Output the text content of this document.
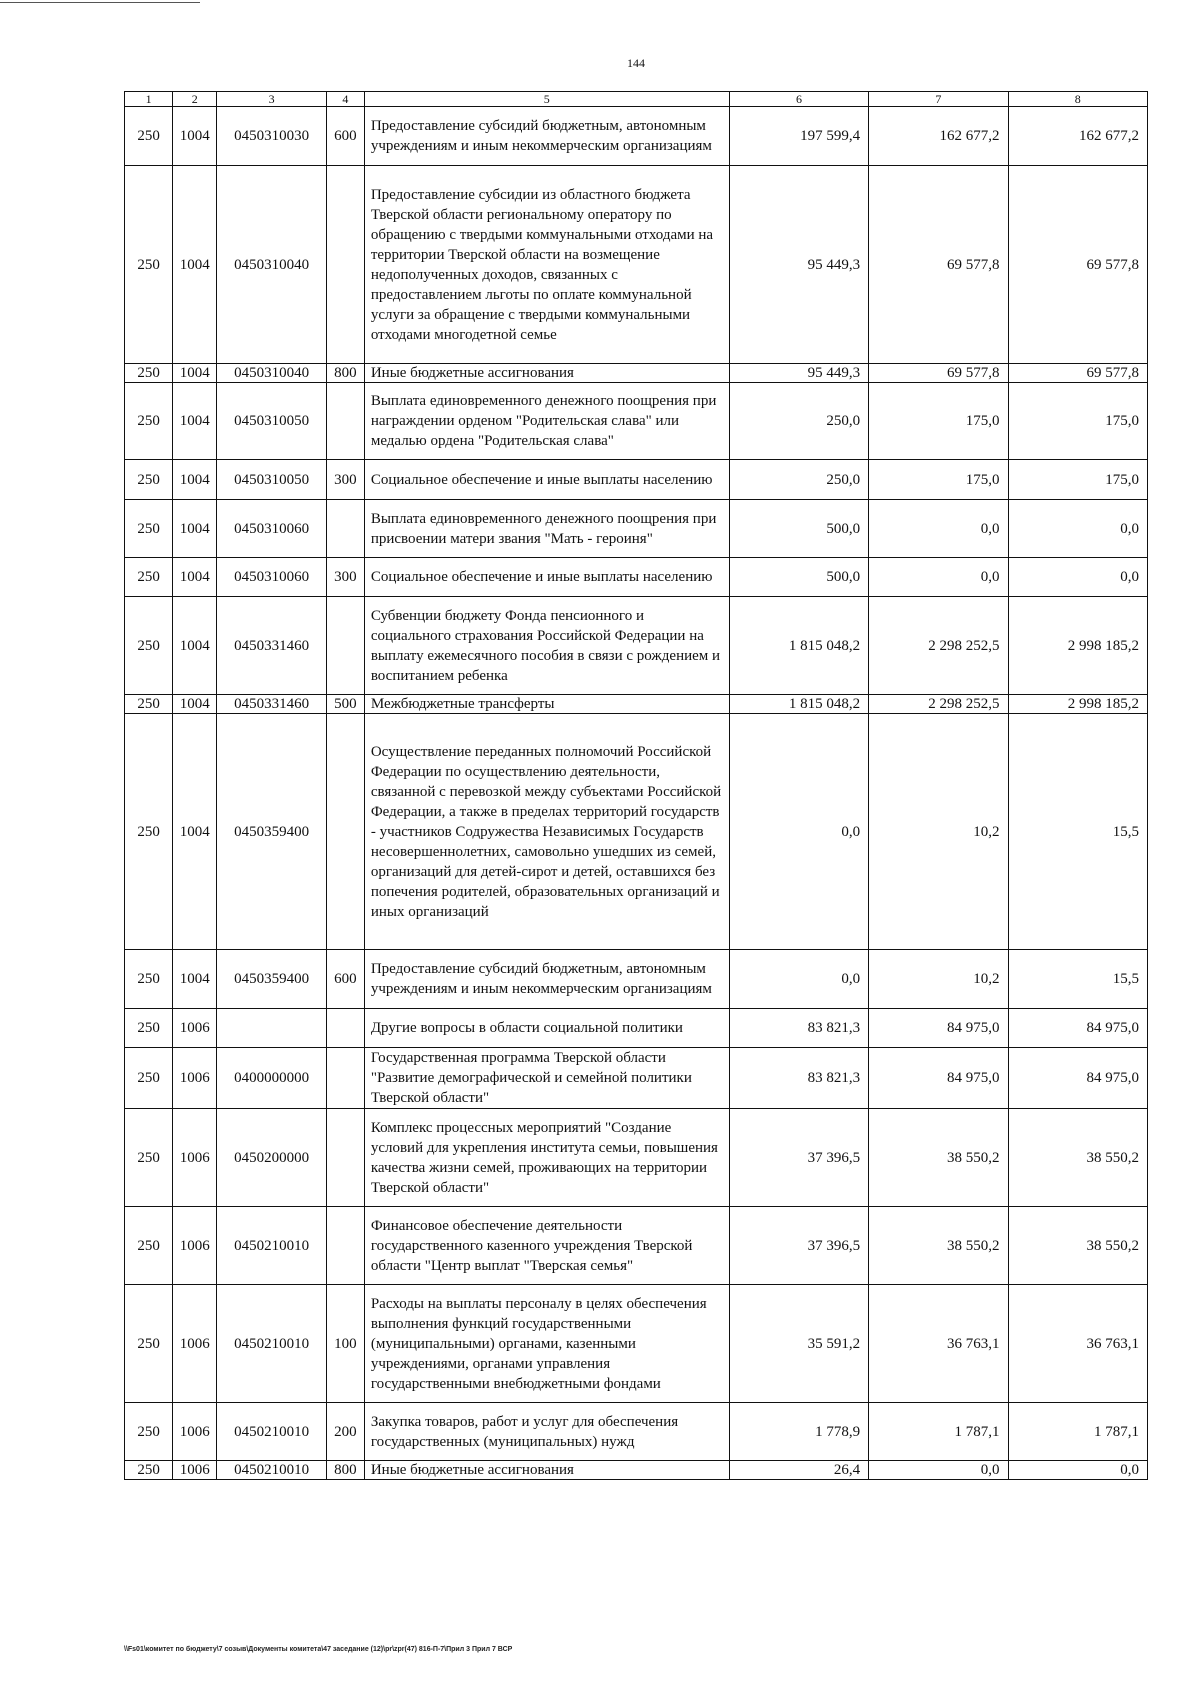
144
1	2	3	4	5	6	7	8
250	1004	0450310030	600	Предоставление субсидий бюджетным, автономным учреждениям и иным некоммерческим организациям	197 599,4	162 677,2	162 677,2
250	1004	0450310040		Предоставление субсидии из областного бюджета Тверской области региональному оператору по обращению с твердыми коммунальными отходами на территории Тверской области на возмещение недополученных доходов, связанных с предоставлением льготы по оплате коммунальной услуги за обращение с твердыми коммунальными отходами многодетной семье	95 449,3	69 577,8	69 577,8
250	1004	0450310040	800	Иные бюджетные ассигнования	95 449,3	69 577,8	69 577,8
250	1004	0450310050		Выплата единовременного денежного поощрения при награждении орденом "Родительская слава" или медалью ордена "Родительская слава"	250,0	175,0	175,0
250	1004	0450310050	300	Социальное обеспечение и иные выплаты населению	250,0	175,0	175,0
250	1004	0450310060		Выплата единовременного денежного поощрения при присвоении матери звания "Мать - героиня"	500,0	0,0	0,0
250	1004	0450310060	300	Социальное обеспечение и иные выплаты населению	500,0	0,0	0,0
250	1004	0450331460		Субвенции бюджету Фонда пенсионного и социального страхования Российской Федерации на выплату ежемесячного пособия в связи с рождением и воспитанием ребенка	1 815 048,2	2 298 252,5	2 998 185,2
250	1004	0450331460	500	Межбюджетные трансферты	1 815 048,2	2 298 252,5	2 998 185,2
250	1004	0450359400		Осуществление переданных полномочий Российской Федерации по осуществлению деятельности, связанной с перевозкой между субъектами Российской Федерации, а также в пределах территорий государств - участников Содружества Независимых Государств несовершеннолетних, самовольно ушедших из семей, организаций для детей-сирот и детей, оставшихся без попечения родителей, образовательных организаций и иных организаций	0,0	10,2	15,5
250	1004	0450359400	600	Предоставление субсидий бюджетным, автономным учреждениям и иным некоммерческим организациям	0,0	10,2	15,5
250	1006			Другие вопросы в области социальной политики	83 821,3	84 975,0	84 975,0
250	1006	0400000000		Государственная программа Тверской области "Развитие демографической и семейной политики Тверской области"	83 821,3	84 975,0	84 975,0
250	1006	0450200000		Комплекс процессных мероприятий "Создание условий для укрепления института семьи, повышения качества жизни семей, проживающих на территории Тверской области"	37 396,5	38 550,2	38 550,2
250	1006	0450210010		Финансовое обеспечение деятельности государственного казенного учреждения Тверской области "Центр выплат "Тверская семья"	37 396,5	38 550,2	38 550,2
250	1006	0450210010	100	Расходы на выплаты персоналу в целях обеспечения выполнения функций государственными (муниципальными) органами, казенными учреждениями, органами управления государственными внебюджетными фондами	35 591,2	36 763,1	36 763,1
250	1006	0450210010	200	Закупка товаров, работ и услуг для обеспечения государственных (муниципальных) нужд	1 778,9	1 787,1	1 787,1
250	1006	0450210010	800	Иные бюджетные ассигнования	26,4	0,0	0,0
\\Fs01\комитет по бюджету\7 созыв\Документы комитета\47 заседание (12)\pr\zpr(47) 816-П-7\Прил 3 Прил 7 ВСР
